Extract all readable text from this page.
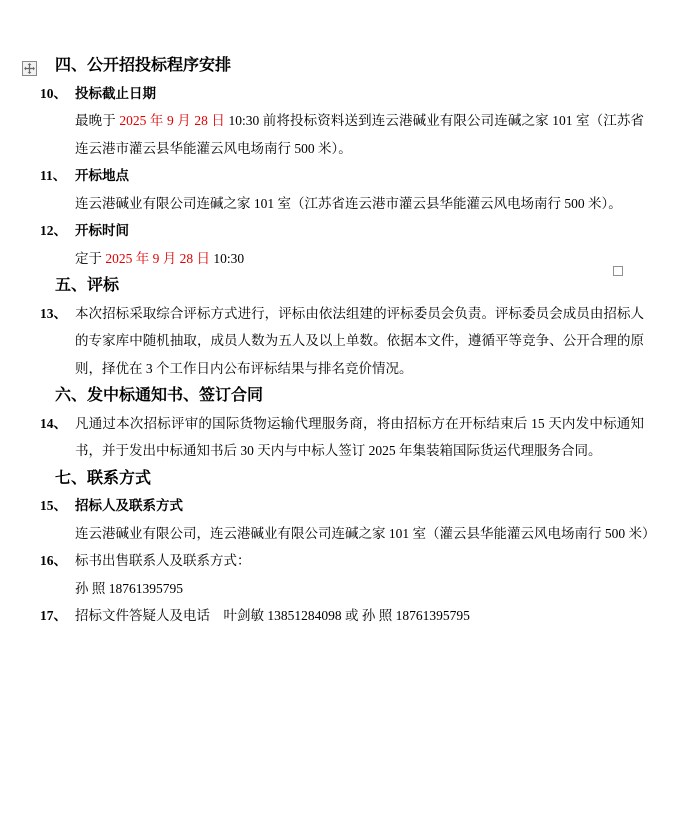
四、公开招投标程序安排
10、 投标截止日期
最晚于 2025 年 9 月 28 日 10:30 前将投标资料送到连云港碱业有限公司连碱之家 101 室（江苏省连云港市灌云县华能灌云风电场南行 500 米）。
11、 开标地点
连云港碱业有限公司连碱之家 101 室（江苏省连云港市灌云县华能灌云风电场南行 500 米）。
12、 开标时间
定于 2025 年 9 月 28 日 10:30
五、评标
13、 本次招标采取综合评标方式进行，评标由依法组建的评标委员会负责。评标委员会成员由招标人的专家库中随机抽取，成员人数为五人及以上单数。依据本文件，遵循平等竞争、公开合理的原则，择优在 3 个工作日内公布评标结果与排名竞价情况。
六、发中标通知书、签订合同
14、 凡通过本次招标评审的国际货物运输代理服务商，将由招标方在开标结束后 15 天内发中标通知书，并于发出中标通知书后 30 天内与中标人签订 2025 年集装箱国际货运代理服务合同。
七、联系方式
15、 招标人及联系方式
连云港碱业有限公司，连云港碱业有限公司连碱之家 101 室（灌云县华能灌云风电场南行 500 米）
16、 标书出售联系人及联系方式：
孙 照 18761395795
17、 招标文件答疑人及电话　叶剑敏 13851284098 或 孙 照 18761395795
